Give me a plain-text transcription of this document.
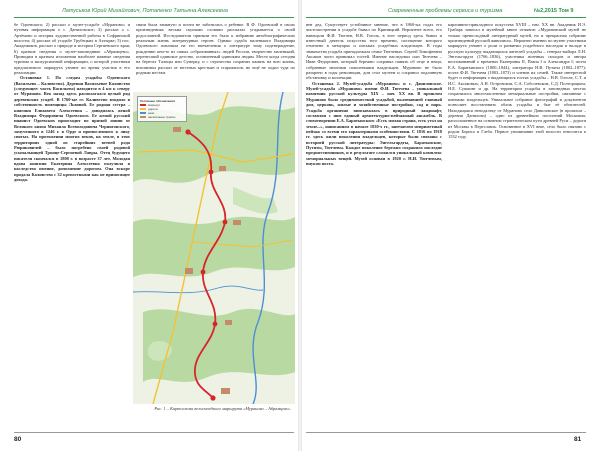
Латуськов Юрий Михайлович, Потапенко Татьяна Алексеевна

бе Одоевского; 2) рассказ о музее-усадьбе «Мураново» и путевая информация о с. Даниловское; 3) рассказ о с. Артёмово и история художественной работы в Софринской волости; 4) рассказ об усадьбе Трубецких в Ахтырке; 5) пос. Академиков, рассказ о природе и истории Сергиевского края; 6) краткие сведения о музее-заповеднике «Абрамцево». Приводим в кратком изложении наиболее важные сведения туризма и экскурсионной информации, о которой участники предлагаемого маршрута узнают во время участия в его реализации.

Остановка 1. По следам усадьбы Одоевского (Васильево – Каливство). Деревня Васильевое Каливство (следующее: часть Васильево) находится в 4 км к северу от Мураново. Век назад здесь располагался целый ряд деревенских усадеб. В 1760-ые гг. Каливство входило в собственность помещицы Львовой. Ее родная сестра – княгиня Елизавета Алексеевна – доводилась женой Владимира Федоровича Одоевского. Ее женой русский пианист Одоевских происходит по прямой линии от Великого князя Михаила Всеволодовича Черниговского, замученного в 1246 г. в Орде и причисленного к лику святых. На протяжении многих веков, на земле, в этих территориях одной из старейших ветвей рода Рюриковичей – было погребено своей родовой усыпальницей Троице-Сергиевой Лавры. Отец будущего писателя скончался в 1808 г. в возрасте 37 лет. Молодая вдова княгиня Екатерина Алексеевна получила в наследство имение, дополнение дорогим. Она вскоре продала Каливство с 32 крепостными как не приносящее дохода.

связи была замкнуто и почти не заботилась о ребенке. В Ф. Одоевский в своих произведениях весьма скупыми словами рассказал угадывается о своей родословной. Исследователи приняли его было к избранию автобиографических реальным жизнь литературных героев. Однако судьба маленького Владимира Одоевского повлияла на его впечатления о литературе тому подтверждение, рождению кем-то из самых «образованных» людей России, творчество маленький, перенесший одинокое детство, оставленный одиноким людям. Место когда сегодня на берегах Талицы или Сумерку, и с отрочества сохранил память на всю жизнь, вспоминал рассказ от местных крестьян и старожилов, но ещё не ходил туда по родным местам.

Условные обозначения
маршрут
дороги
реки
населённые пункты
Рис. 1 – Картосхема велосипедного маршрута «Мураново – Абрамцево»
80
Современные проблемы сервиса и туризма	№2,2015 Том 9

вен дед. Существует устойчивое мнение, что в 1860-ых годах его чистопострении в усадьбе бывал по Криницкий. Вероятнее всего, его навещали Ф.И. Тютчев, Н.В. Гоголь, в этот период здесь бывал и известный деятель искусства того времени, посещение которого отмечено в мемуарах и письмах усадебных владельцев. В годы знакомства усадьба принадлежала семье Тютчевых. Сергей Тимофеевич Аксаков часто принимал гостей. Имение наследовал сын Тютчева – Иван Федорович, который бережно сохранял память об отце и вещи, собранные многими поколениями владельцев. Мураново не было разорено в годы революции, дом стал музеем и сохранил подлинную обстановку и коллекции.

Остановка 2. Музей-усадьба «Мураново» и с. Даниловское. Музей-усадьба «Мураново» имени Ф.И. Тютчева – уникальный памятник русской культуры XIX – нач. XX вв. В прошлом Мураново было средненоместной усадьбой, включавшей главный дом, церковь, жилые и хозяйственные постройки, сад и парк. Усадьба органично вписывалась в природный ландшафт, составляя с ним единый архитектурно-пейзажный ансамбль. В стихотворении Е.А. Баратынского «Есть милая страна, есть угол на земле...», написанном в начале 1830-х гг., запечатлен неприметный пейзаж со всеми его характерными особенностями. С 1816 по 1918 гг. здесь жили поколения владельцев, которые были связаны с историей русской литературы: Энгельгардты, Баратынские, Путяты, Тютчевы. Каждое поколение бережно сохраняло наследие предшественников, и в результате сложился уникальный комплекс мемориальных вещей. Музей основан в 1920 г. Н.И. Тютчевым, внуком поэта.

карлинино-прикладного искусства XVIII – нач. XX вв. Академик И.Э. Грабарь записал в музейной книге отзывов: «Мурановский музей не только превосходный литературный музей, но и прекрасная собрание произведений русской живописи». Вероятно именно по музею участники маршрута узнают о роли и развитии усадебного наследия и вкладе в русскую культуру выдающихся жителей усадьбы – генерал-майора Л.Н. Энгельгардта (1766–1836), участника военных походов и автора воспоминаний о временах Екатерины II, Павла I и Александра I; поэта Е.А. Баратынского (1800–1844), литератора Н.В. Путяты (1802–1877); поэта Ф.И. Тютчева (1803–1873) и членов их семей. Также интересной будет и информация о выдающихся гостях усадьбы – Н.В. Гоголе, С.Т. и И.С. Аксаковых, А.Н. Островском, С.А. Соболевском, С.Д. Полторацком, Н.Е. Сушкове и др. На территории усадьбы в заповедных местах сохранились многочисленные мемориальные постройки, связанные с именами владельцев. Уникальное собрание фотографий и документов позволяет восстановить облик усадьбы и быт её обитателей. Находящаяся неподалеку от Мураново село Даниловское (в прошлом – деревня Данилово) – одно из древнейших поселений Московии, расположенное на основном стратегическом пути древней Руси – дороги из Москвы в Переславль. Основанное в XVI веке, село было связано с родом Бориса и Глеба. Первое упоминание этой волости относится к 1532 году.

81
